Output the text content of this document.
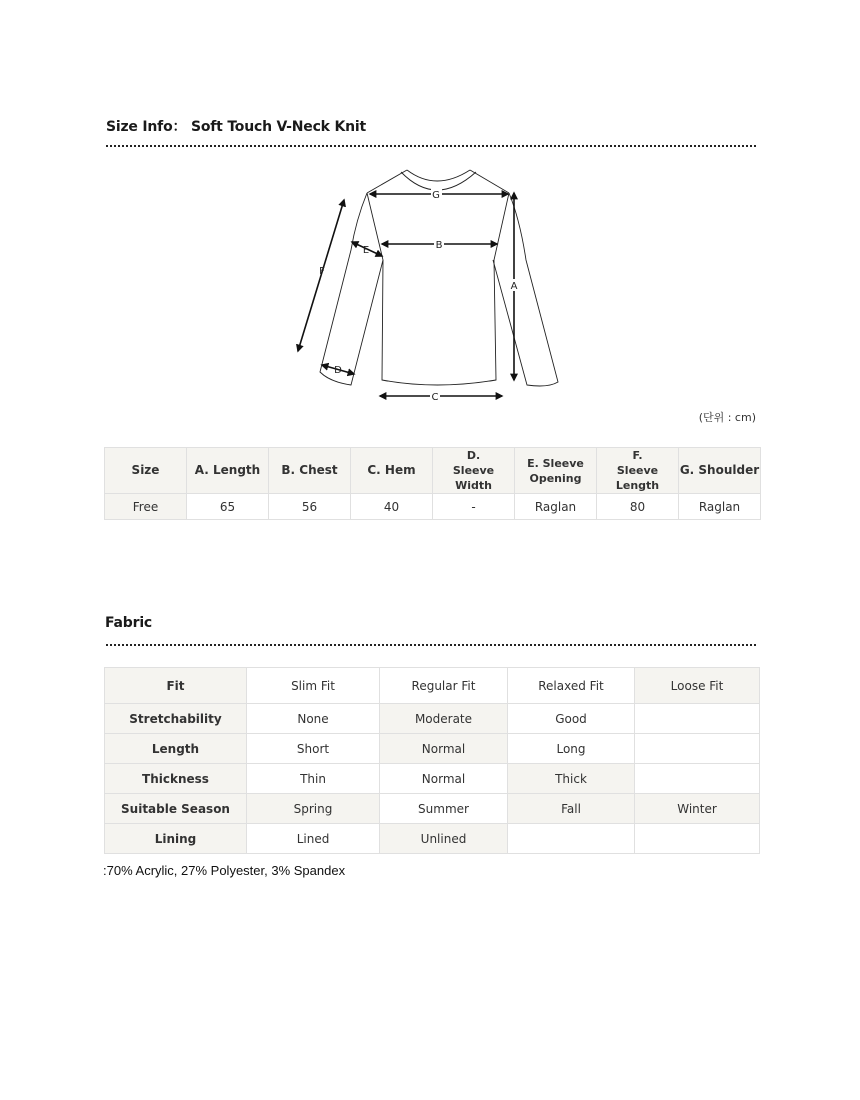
Size Info： Soft Touch V-Neck Knit
G
B
E
F
A
D
C
(단위 : cm)
Size	A. Length	B. Chest	C. Hem	D. Sleeve Width	E. Sleeve Opening	F. Sleeve Length	G. Shoulder
Free	65	56	40	-	Raglan	80	Raglan
Fabric
Fit	Slim Fit	Regular Fit	Relaxed Fit	Loose Fit
Stretchability	None	Moderate	Good	
Length	Short	Normal	Long	
Thickness	Thin	Normal	Thick	
Suitable Season	Spring	Summer	Fall	Winter
Lining	Lined	Unlined		
:70% Acrylic, 27% Polyester, 3% Spandex
